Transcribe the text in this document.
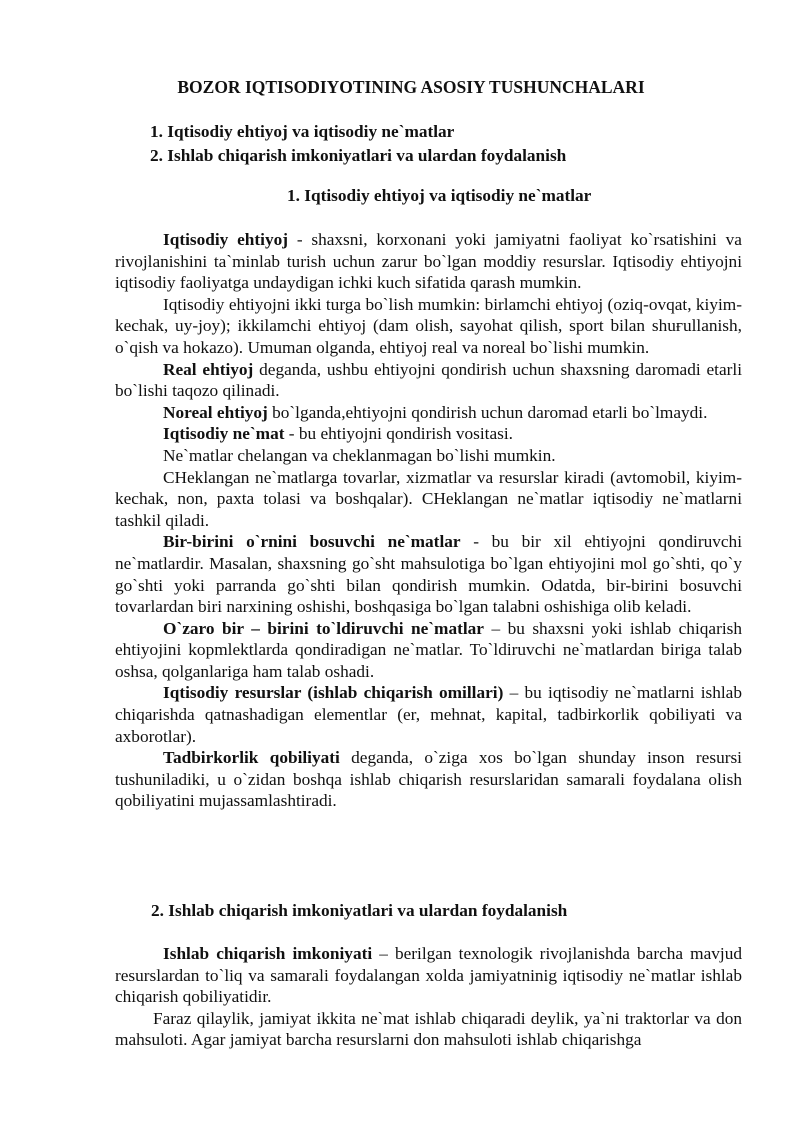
BOZOR IQTISODIYOTINING ASOSIY TUSHUNCHALARI
1. Iqtisodiy ehtiyoj va iqtisodiy ne`matlar
2. Ishlab chiqarish imkoniyatlari va ulardan foydalanish
1. Iqtisodiy ehtiyoj va iqtisodiy ne`matlar

Iqtisodiy ehtiyoj - shaxsni, korxonani yoki jamiyatni faoliyat ko`rsatishini va rivojlanishini ta`minlab turish uchun zarur bo`lgan moddiy resurslar. Iqtisodiy ehtiyojni iqtisodiy faoliyatga undaydigan ichki kuch sifatida qarash mumkin.

Iqtisodiy ehtiyojni ikki turga bo`lish mumkin: birlamchi ehtiyoj (oziq-ovqat, kiyim-kechak, uy-joy); ikkilamchi ehtiyoj (dam olish, sayohat qilish, sport bilan shuғullanish, o`qish va hokazo). Umuman olganda, ehtiyoj real va noreal bo`lishi mumkin.

Real ehtiyoj deganda, ushbu ehtiyojni qondirish uchun shaxsning daromadi etarli bo`lishi taqozo qilinadi.

Noreal ehtiyoj bo`lganda,ehtiyojni qondirish uchun daromad etarli bo`lmaydi.

Iqtisodiy ne`mat - bu ehtiyojni qondirish vositasi.

Ne`matlar chelangan va cheklanmagan bo`lishi mumkin.

CHeklangan ne`matlarga tovarlar, xizmatlar va resurslar kiradi (avtomobil, kiyim-kechak, non, paxta tolasi va boshqalar). CHeklangan ne`matlar iqtisodiy ne`matlarni tashkil qiladi.

Bir-birini o`rnini bosuvchi ne`matlar - bu bir xil ehtiyojni qondiruvchi ne`matlardir. Masalan, shaxsning go`sht mahsulotiga bo`lgan ehtiyojini mol go`shti, qo`y go`shti yoki parranda go`shti bilan qondirish mumkin. Odatda, bir-birini bosuvchi tovarlardan biri narxining oshishi, boshqasiga bo`lgan talabni oshishiga olib keladi.

O`zaro bir – birini to`ldiruvchi ne`matlar – bu shaxsni yoki ishlab chiqarish ehtiyojini kopmlektlarda qondiradigan ne`matlar. To`ldiruvchi ne`matlardan biriga talab oshsa, qolganlariga ham talab oshadi.

Iqtisodiy resurslar (ishlab chiqarish omillari) – bu iqtisodiy ne`matlarni ishlab chiqarishda qatnashadigan elementlar (er, mehnat, kapital, tadbirkorlik qobiliyati va axborotlar).

Tadbirkorlik qobiliyati deganda, o`ziga xos bo`lgan shunday inson resursi tushuniladiki, u o`zidan boshqa ishlab chiqarish resurslaridan samarali foydalana olish qobiliyatini mujassamlashtiradi.

2. Ishlab chiqarish imkoniyatlari va ulardan foydalanish

Ishlab chiqarish imkoniyati – berilgan texnologik rivojlanishda barcha mavjud resurslardan to`liq va samarali foydalangan xolda jamiyatninig iqtisodiy ne`matlar ishlab chiqarish qobiliyatidir.

Faraz qilaylik, jamiyat ikkita ne`mat ishlab chiqaradi deylik, ya`ni traktorlar va don mahsuloti. Agar jamiyat barcha resurslarni don mahsuloti ishlab chiqarishga
